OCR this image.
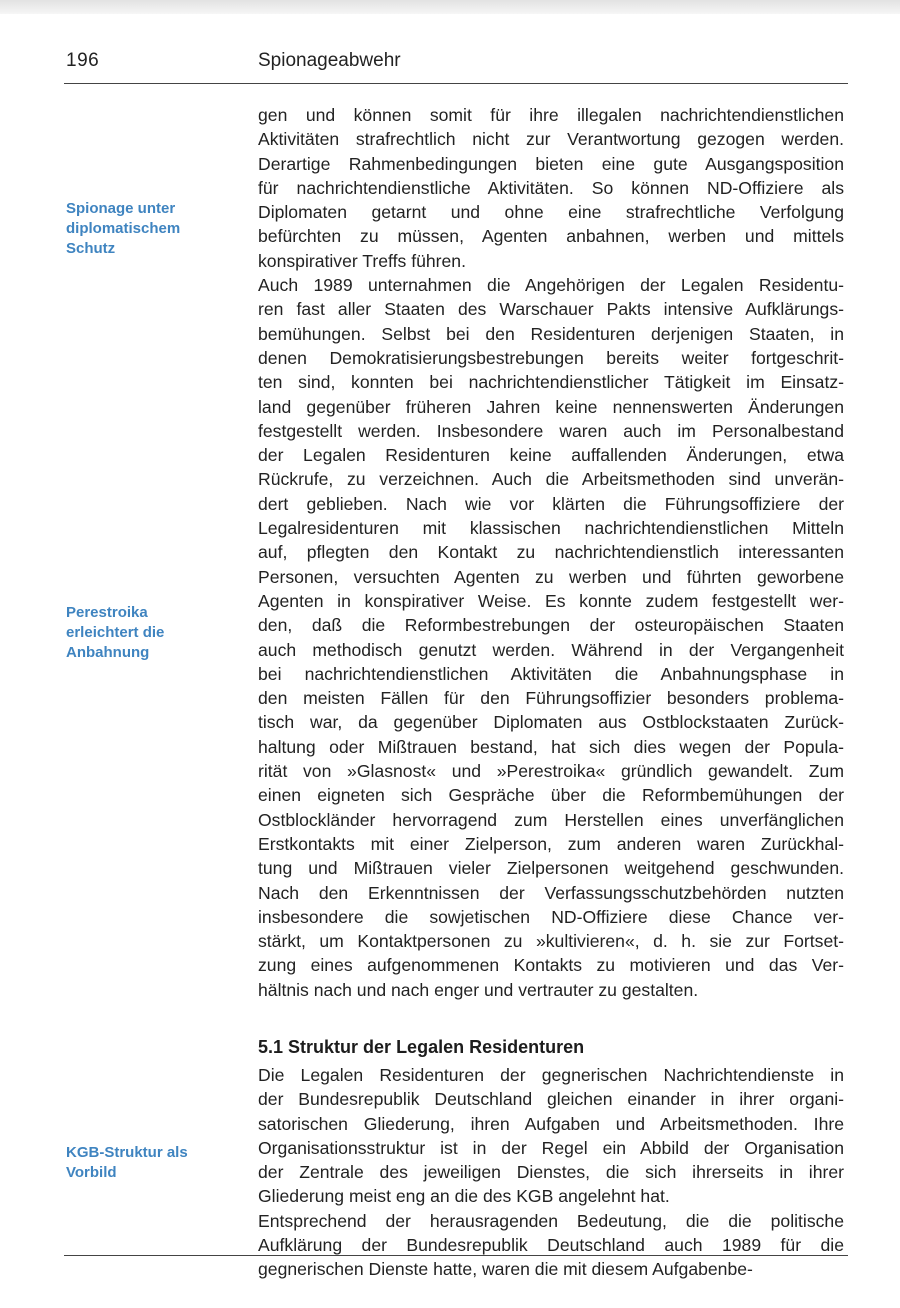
196	Spionageabwehr
Spionage unter
diplomatischem
Schutz
Perestroika
erleichtert die
Anbahnung
KGB-Struktur als
Vorbild
gen und können somit für ihre illegalen nachrichtendienstlichen
Aktivitäten strafrechtlich nicht zur Verantwortung gezogen werden.
Derartige Rahmenbedingungen bieten eine gute Ausgangsposition
für nachrichtendienstliche Aktivitäten. So können ND-Offiziere als
Diplomaten getarnt und ohne eine strafrechtliche Verfolgung
befürchten zu müssen, Agenten anbahnen, werben und mittels
konspirativer Treffs führen.
Auch 1989 unternahmen die Angehörigen der Legalen Residentu-
ren fast aller Staaten des Warschauer Pakts intensive Aufklärungs-
bemühungen. Selbst bei den Residenturen derjenigen Staaten, in
denen Demokratisierungsbestrebungen bereits weiter fortgeschrit-
ten sind, konnten bei nachrichtendienstlicher Tätigkeit im Einsatz-
land gegenüber früheren Jahren keine nennenswerten Änderungen
festgestellt werden. Insbesondere waren auch im Personalbestand
der Legalen Residenturen keine auffallenden Änderungen, etwa
Rückrufe, zu verzeichnen. Auch die Arbeitsmethoden sind unverän-
dert geblieben. Nach wie vor klärten die Führungsoffiziere der
Legalresidenturen mit klassischen nachrichtendienstlichen Mitteln
auf, pflegten den Kontakt zu nachrichtendienstlich interessanten
Personen, versuchten Agenten zu werben und führten geworbene
Agenten in konspirativer Weise. Es konnte zudem festgestellt wer-
den, daß die Reformbestrebungen der osteuropäischen Staaten
auch methodisch genutzt werden. Während in der Vergangenheit
bei nachrichtendienstlichen Aktivitäten die Anbahnungsphase in
den meisten Fällen für den Führungsoffizier besonders problema-
tisch war, da gegenüber Diplomaten aus Ostblockstaaten Zurück-
haltung oder Mißtrauen bestand, hat sich dies wegen der Popula-
rität von »Glasnost« und »Perestroika« gründlich gewandelt. Zum
einen eigneten sich Gespräche über die Reformbemühungen der
Ostblockländer hervorragend zum Herstellen eines unverfänglichen
Erstkontakts mit einer Zielperson, zum anderen waren Zurückhal-
tung und Mißtrauen vieler Zielpersonen weitgehend geschwunden.
Nach den Erkenntnissen der Verfassungsschutzbehörden nutzten
insbesondere die sowjetischen ND-Offiziere diese Chance ver-
stärkt, um Kontaktpersonen zu »kultivieren«, d. h. sie zur Fortset-
zung eines aufgenommenen Kontakts zu motivieren und das Ver-
hältnis nach und nach enger und vertrauter zu gestalten.
5.1 Struktur der Legalen Residenturen
Die Legalen Residenturen der gegnerischen Nachrichtendienste in
der Bundesrepublik Deutschland gleichen einander in ihrer organi-
satorischen Gliederung, ihren Aufgaben und Arbeitsmethoden. Ihre
Organisationsstruktur ist in der Regel ein Abbild der Organisation
der Zentrale des jeweiligen Dienstes, die sich ihrerseits in ihrer
Gliederung meist eng an die des KGB angelehnt hat.
Entsprechend der herausragenden Bedeutung, die die politische
Aufklärung der Bundesrepublik Deutschland auch 1989 für die
gegnerischen Dienste hatte, waren die mit diesem Aufgabenbe-
